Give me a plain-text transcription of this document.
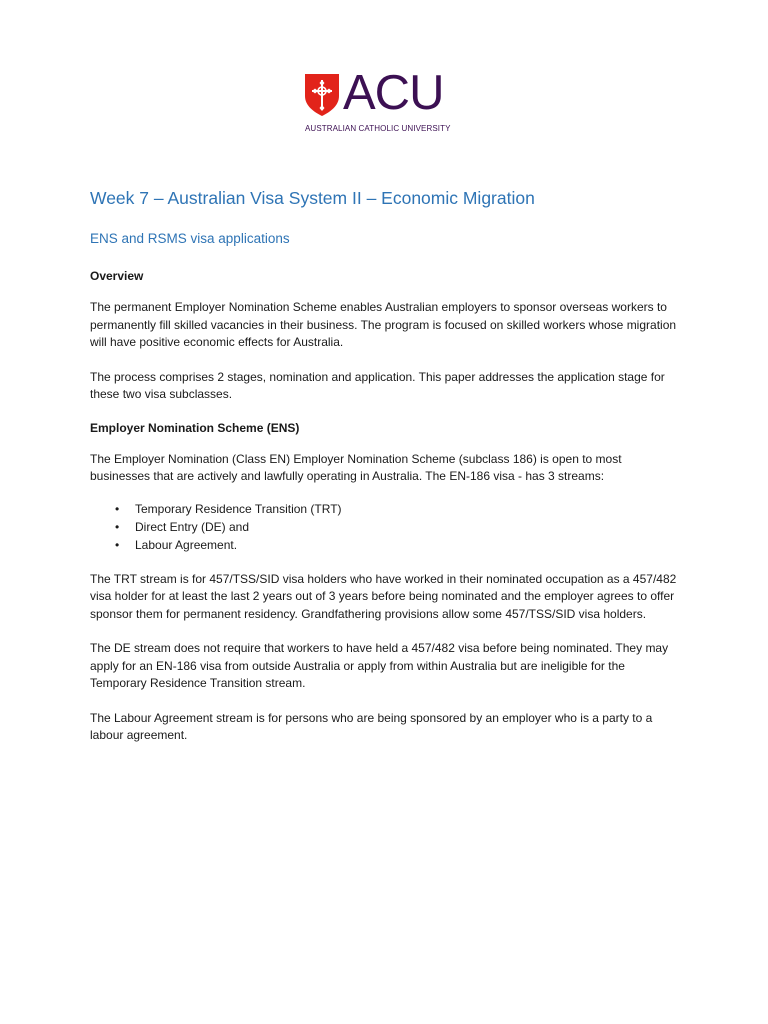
ACU
AUSTRALIAN CATHOLIC UNIVERSITY
Week 7 – Australian Visa System II – Economic Migration
ENS and RSMS visa applications
Overview

The permanent Employer Nomination Scheme enables Australian employers to sponsor overseas workers to permanently fill skilled vacancies in their business. The program is focused on skilled workers whose migration will have positive economic effects for Australia.

The process comprises 2 stages, nomination and application. This paper addresses the application stage for these two visa subclasses.

Employer Nomination Scheme (ENS)

The Employer Nomination (Class EN) Employer Nomination Scheme (subclass 186) is open to most businesses that are actively and lawfully operating in Australia. The EN-186 visa - has 3 streams:

• Temporary Residence Transition (TRT)
• Direct Entry (DE) and
• Labour Agreement.

The TRT stream is for 457/TSS/SID visa holders who have worked in their nominated occupation as a 457/482 visa holder for at least the last 2 years out of 3 years before being nominated and the employer agrees to offer sponsor them for permanent residency. Grandfathering provisions allow some 457/TSS/SID visa holders.

The DE stream does not require that workers to have held a 457/482 visa before being nominated. They may apply for an EN-186 visa from outside Australia or apply from within Australia but are ineligible for the Temporary Residence Transition stream.

The Labour Agreement stream is for persons who are being sponsored by an employer who is a party to a labour agreement.
